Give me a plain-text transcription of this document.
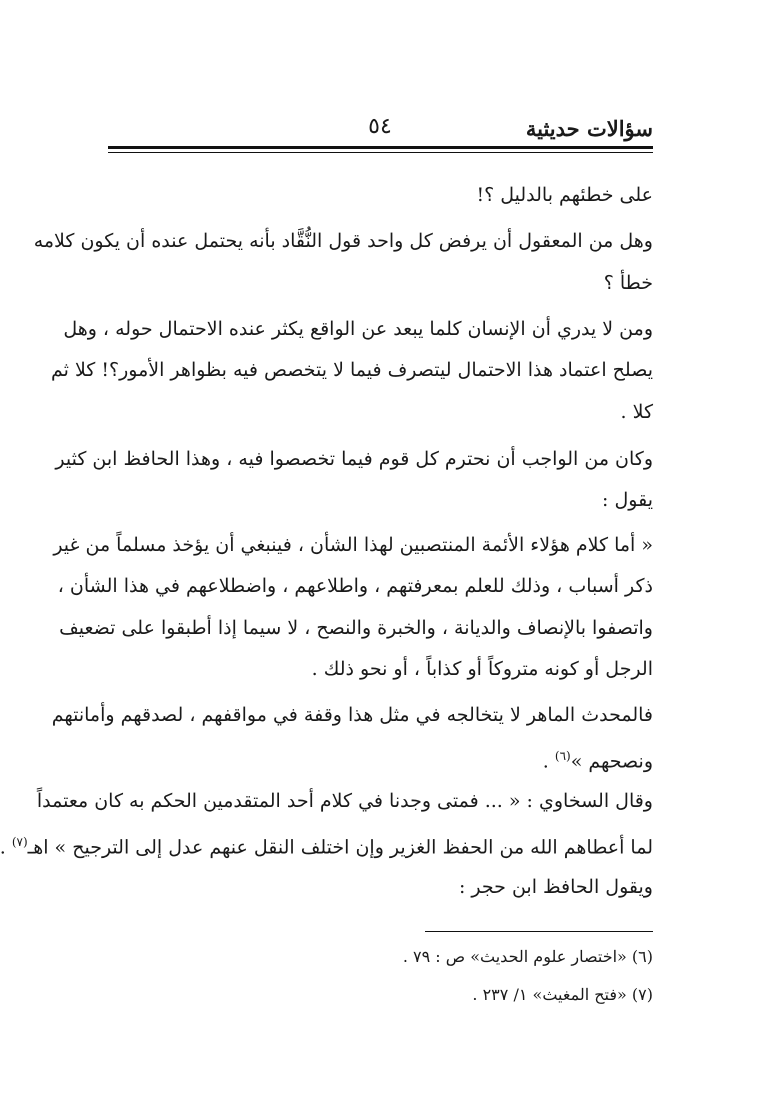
سؤالات حديثية
٥٤
على خطئهم بالدليل ؟!
وهل من المعقول أن يرفض كل واحد قول النُّقَّاد بأنه يحتمل عنده أن يكون كلامه
خطأ ؟
ومن لا يدري أن الإنسان كلما يبعد عن الواقع يكثر عنده الاحتمال حوله ، وهل
يصلح اعتماد هذا الاحتمال ليتصرف فيما لا يتخصص فيه بظواهر الأمور؟! كلا ثم
كلا .
وكان من الواجب أن نحترم كل قوم فيما تخصصوا فيه ، وهذا الحافظ ابن كثير
يقول :
« أما كلام هؤلاء الأئمة المنتصبين لهذا الشأن ، فينبغي أن يؤخذ مسلماً من غير
ذكر أسباب ، وذلك للعلم بمعرفتهم ، واطلاعهم ، واضطلاعهم في هذا الشأن ،
واتصفوا بالإنصاف والديانة ، والخبرة والنصح ، لا سيما إذا أطبقوا على تضعيف
الرجل أو كونه متروكاً أو كذاباً ، أو نحو ذلك .
فالمحدث الماهر لا يتخالجه في مثل هذا وقفة في مواقفهم ، لصدقهم وأمانتهم
ونصحهم »$^{(٦)}$ .
وقال السخاوي : « ... فمتى وجدنا في كلام أحد المتقدمين الحكم به كان معتمداً
لما أعطاهم الله من الحفظ الغزير وإن اختلف النقل عنهم عدل إلى الترجيح » اهـ$^{(٧)}$ .
ويقول الحافظ ابن حجر :
(٦) «اختصار علوم الحديث» ص : ٧٩ .
(٧) «فتح المغيث» ١/ ٢٣٧ .
